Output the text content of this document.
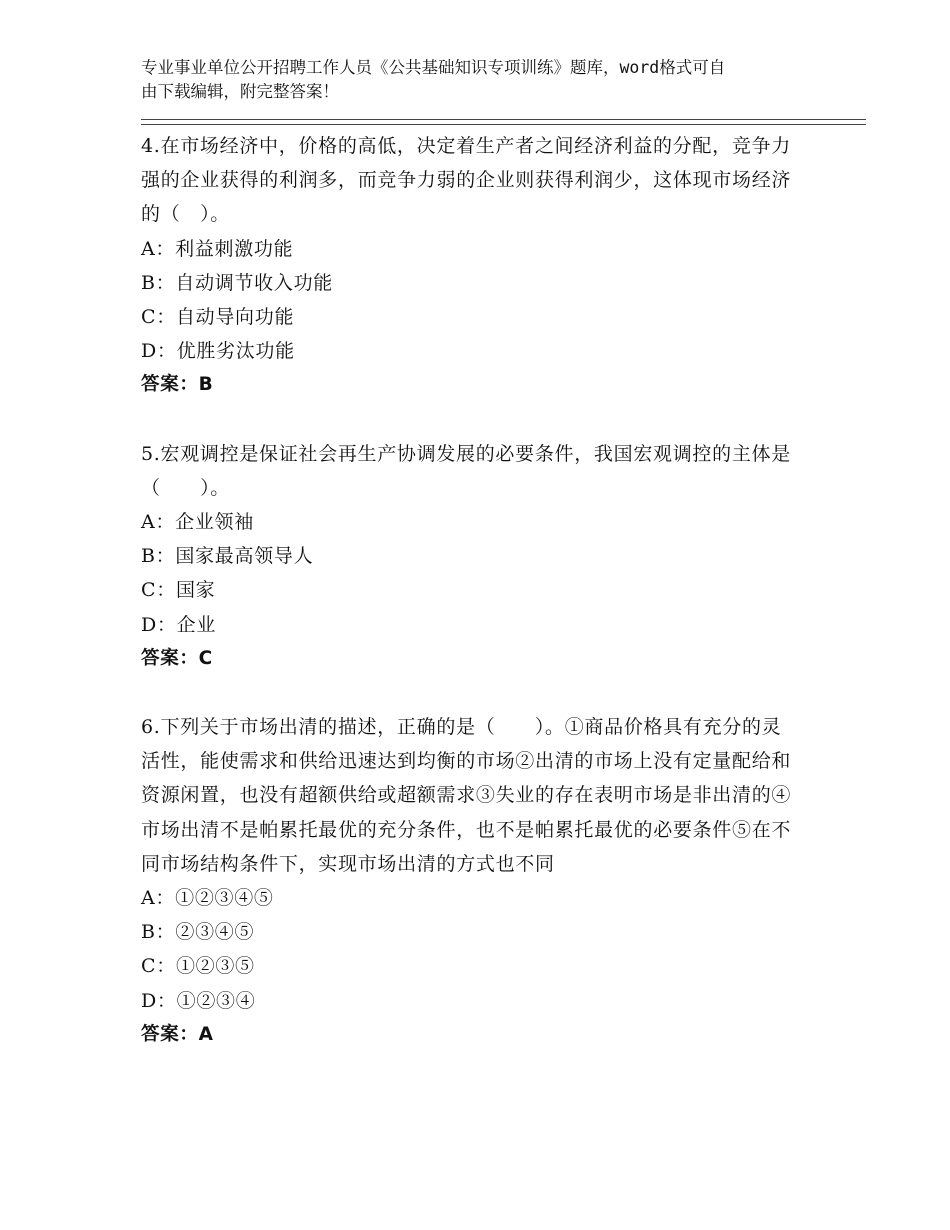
专业事业单位公开招聘工作人员《公共基础知识专项训练》题库，word格式可自
由下载编辑，附完整答案！

4.在市场经济中，价格的高低，决定着生产者之间经济利益的分配，竞争力强的企业获得的利润多，而竞争力弱的企业则获得利润少，这体现市场经济的（　）。

A：利益刺激功能

B：自动调节收入功能

C：自动导向功能

D：优胜劣汰功能

答案：B

5.宏观调控是保证社会再生产协调发展的必要条件，我国宏观调控的主体是（　　）。

A：企业领袖

B：国家最高领导人

C：国家

D：企业

答案：C

6.下列关于市场出清的描述，正确的是（　　）。①商品价格具有充分的灵活性，能使需求和供给迅速达到均衡的市场②出清的市场上没有定量配给和资源闲置，也没有超额供给或超额需求③失业的存在表明市场是非出清的④市场出清不是帕累托最优的充分条件，也不是帕累托最优的必要条件⑤在不同市场结构条件下，实现市场出清的方式也不同

A：①②③④⑤

B：②③④⑤

C：①②③⑤

D：①②③④

答案：A
